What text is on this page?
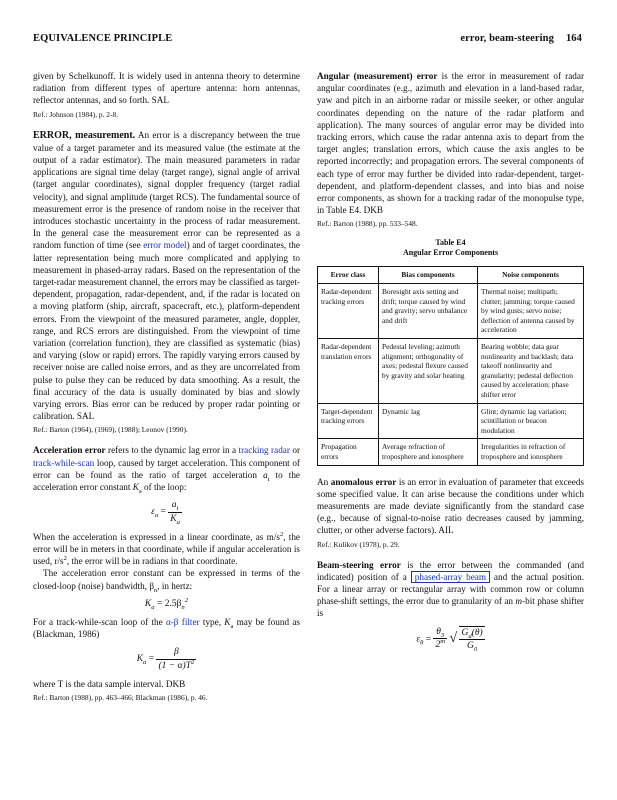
EQUIVALENCE PRINCIPLE	error, beam-steering 164

given by Schelkunoff. It is widely used in antenna theory to determine radiation from different types of aperture antenna: horn antennas, reflector antennas, and so forth. SAL

Ref.: Johnson (1984), p. 2-8.

ERROR, measurement. An error is a discrepancy between the true value of a target parameter and its measured value (the estimate at the output of a radar estimator). The main measured parameters in radar applications are signal time delay (target range), signal angle of arrival (target angular coordinates), signal doppler frequency (target radial velocity), and signal amplitude (target RCS). The fundamental source of measurement error is the presence of random noise in the receiver that introduces stochastic uncertainty in the process of radar measurement. In the general case the measurement error can be represented as a random function of time (see error model) and of target coordinates, the latter representation being much more complicated and applying to measurement in phased-array radars. Based on the representation of the target-radar measurement channel, the errors may be classified as target-dependent, propagation, radar-dependent, and, if the radar is located on a moving platform (ship, aircraft, spacecraft, etc.), platform-dependent errors. From the viewpoint of the measured parameter, angle, doppler, range, and RCS errors are distinguished. From the viewpoint of time variation (correlation function), they are classified as systematic (bias) and varying (slow or rapid) errors. The rapidly varying errors caused by receiver noise are called noise errors, and as they are uncorrelated from pulse to pulse they can be reduced by data smoothing. As a result, the final accuracy of the data is usually dominated by bias and slowly varying errors. Bias error can be reduced by proper radar pointing or calibration. SAL

Ref.: Barton (1964), (1969), (1988); Leonov (1990).

Acceleration error refers to the dynamic lag error in a tracking radar or track-while-scan loop, caused by target acceleration. This component of error can be found as the ratio of target acceleration $a_t$ to the acceleration error constant $K_a$ of the loop:

$\varepsilon_a = \frac{a_t}{K_a}$

When the acceleration is expressed in a linear coordinate, as $m/s^2$, the error will be in meters in that coordinate, while if angular acceleration is used, $r/s^2$, the error will be in radians in that coordinate.

The acceleration error constant can be expressed in terms of the closed-loop (noise) bandwidth, $\beta_n$, in hertz:

$K_a = 2.5\beta_n^2$

For a track-while-scan loop of the α-β filter type, $K_a$ may be found as (Blackman, 1986)

$K_a = \frac{\beta}{(1 - \alpha)T^2}$

where T is the data sample interval. DKB

Ref.: Barton (1988), pp. 463–466; Blackman (1986), p. 46.

Angular (measurement) error is the error in measurement of radar angular coordinates (e.g., azimuth and elevation in a land-based radar, yaw and pitch in an airborne radar or missile seeker, or other angular coordinates depending on the nature of the radar platform and application). The many sources of angular error may be divided into tracking errors, which cause the radar antenna axis to depart from the target angles; translation errors, which cause the axis angles to be reported incorrectly; and propagation errors. The several components of each type of error may further be divided into radar-dependent, target-dependent, and platform-dependent classes, and into bias and noise error components, as shown for a tracking radar of the monopulse type, in Table E4. DKB

Ref.: Barton (1988), pp. 533–548.
Table E4
Angular Error Components
Error class	Bias components	Noise components
Radar-dependent tracking errors	Boresight axis setting and drift; torque caused by wind and gravity; servo unbalance and drift	Thermal noise; multipath; clutter; jamming; torque caused by wind gusts; servo noise; deflection of antenna caused by acceleration
Radar-dependent translation errors	Pedestal leveling; azimuth alignment; orthogonality of axes; pedestal flexure caused by gravity and solar heating	Bearing wobble; data gear nonlinearity and backlash; data takeoff nonlinearity and granularity; pedestal deflection caused by acceleration; phase shifter error
Target-dependent tracking errors	Dynamic lag	Glint; dynamic lag variation; scintillation or beacon modulation
Propagation errors	Average refraction of troposphere and ionosphere	Irregularities in refraction of troposphere and ionosphere

An anomalous error is an error in evaluation of parameter that exceeds some specified value. It can arise because the conditions under which measurements are made deviate significantly from the standard case (e.g., because of signal-to-noise ratio decreases caused by jamming, clutter, or other adverse factors). AIL

Ref.: Kulikov (1978), p. 29.

Beam-steering error is the error between the commanded (and indicated) position of a phased-array beam and the actual position. For a linear array or rectangular array with common row or column phase-shift settings, the error due to granularity of an m-bit phase shifter is

$\varepsilon_\theta = \frac{\theta_3}{2^m}$ √ $\frac{G_d(\theta)}{G_0}$
